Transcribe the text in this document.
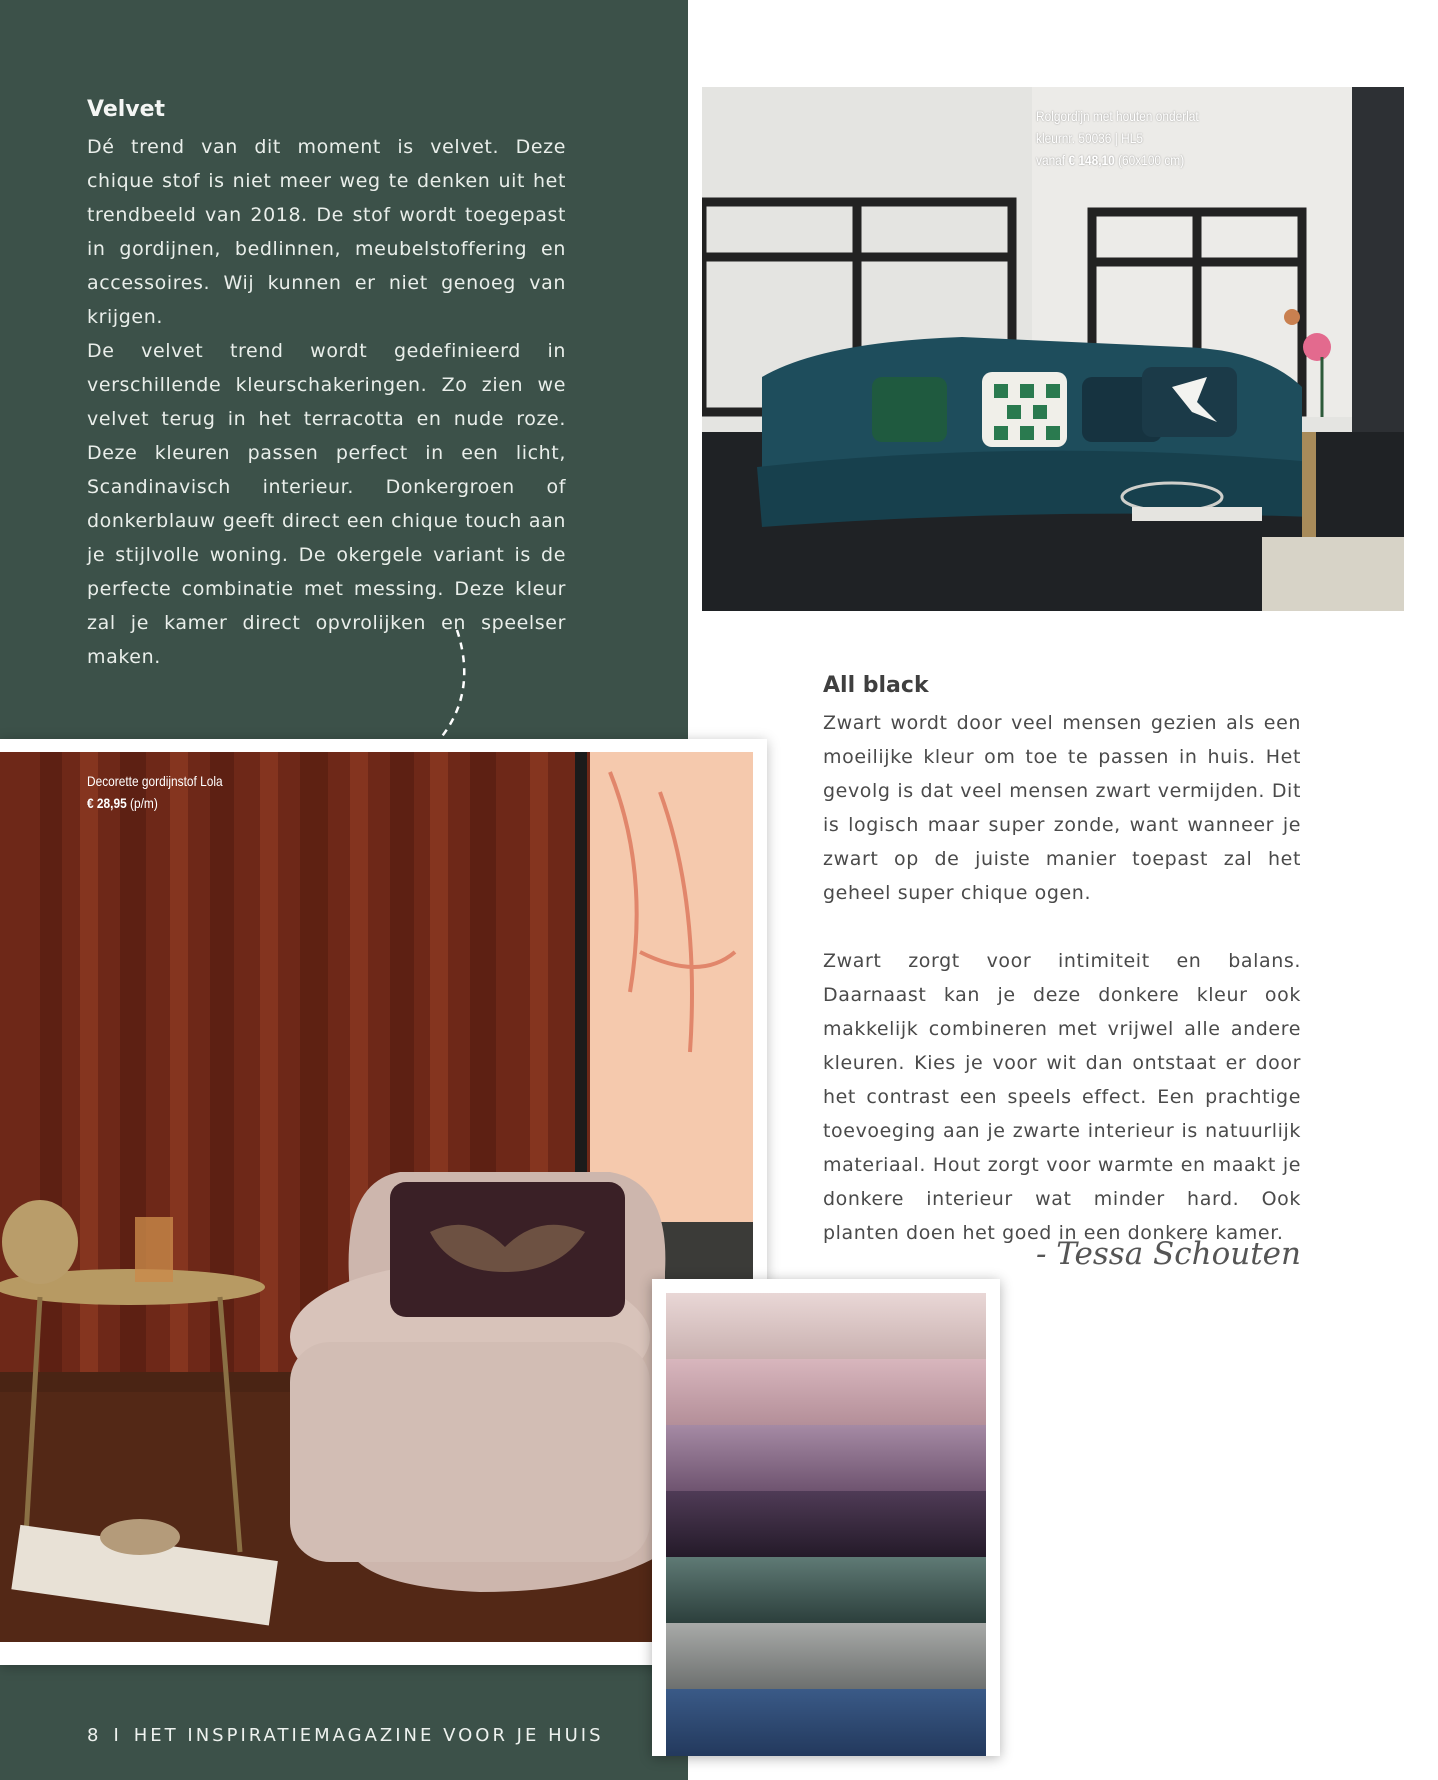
Velvet

Dé trend van dit moment is velvet. Deze chique stof is niet meer weg te denken uit het trendbeeld van 2018. De stof wordt toegepast in gordijnen, bedlinnen, meubelstoffering en accessoires. Wij kunnen er niet genoeg van krijgen.

De velvet trend wordt gedefinieerd in verschillende kleurschakeringen. Zo zien we velvet terug in het terracotta en nude roze. Deze kleuren passen perfect in een licht, Scandinavisch interieur. Donkergroen of donkerblauw geeft direct een chique touch aan je stijlvolle woning. De okergele variant is de perfecte combinatie met messing. Deze kleur zal je kamer direct opvrolijken en speelser maken.

Rolgordijn met houten onderlat
kleurnr. 50036 | HL5
vanaf € 148,10 (60x100 cm)
Decorette gordijnstof Lola
€ 28,95 (p/m)
All black

Zwart wordt door veel mensen gezien als een moeilijke kleur om toe te passen in huis. Het gevolg is dat veel mensen zwart vermijden. Dit is logisch maar super zonde, want wanneer je zwart op de juiste manier toepast zal het geheel super chique ogen.

Zwart zorgt voor intimiteit en balans. Daarnaast kan je deze donkere kleur ook makkelijk combineren met vrijwel alle andere kleuren. Kies je voor wit dan ontstaat er door het contrast een speels effect. Een prachtige toevoeging aan je zwarte interieur is natuurlijk materiaal. Hout zorgt voor warmte en maakt je donkere interieur wat minder hard. Ook planten doen het goed in een donkere kamer.

- Tessa Schouten

8 I HET INSPIRATIEMAGAZINE VOOR JE HUIS
